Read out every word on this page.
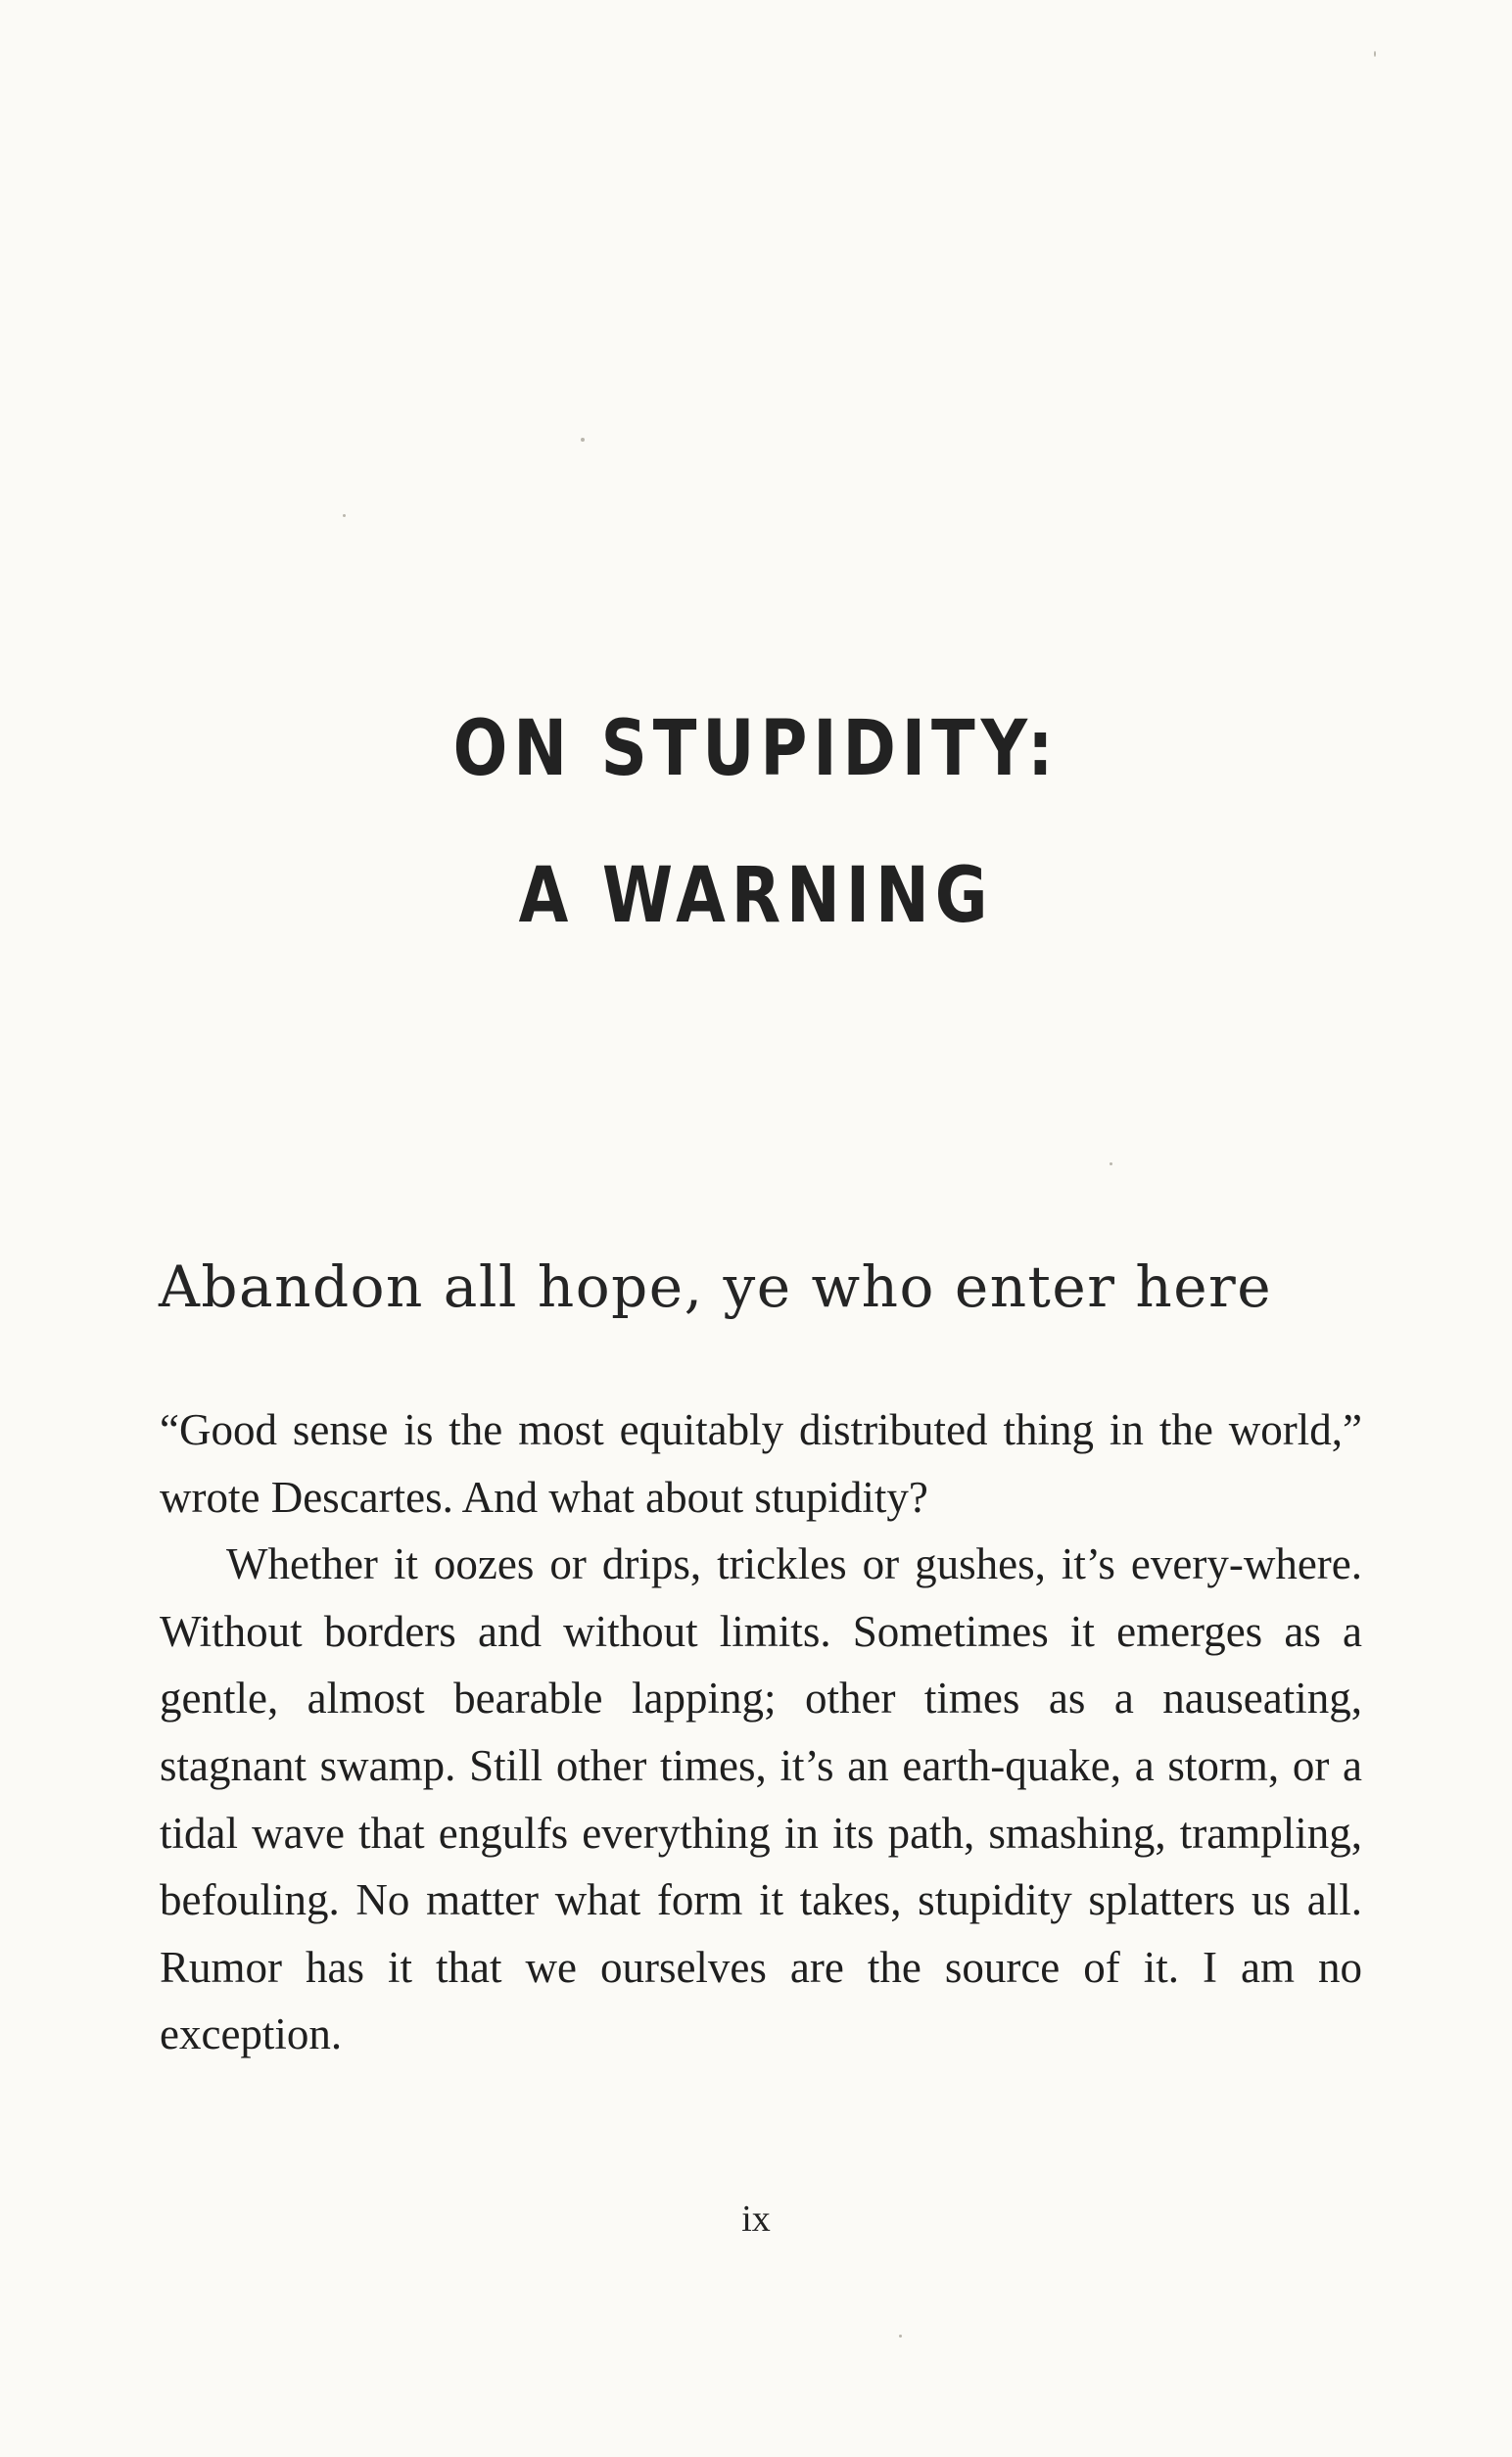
ON STUPIDITY:
A WARNING
Abandon all hope, ye who enter here

“Good sense is the most equitably distributed thing in the world,” wrote Descartes. And what about stupidity?

Whether it oozes or drips, trickles or gushes, it’s every-where. Without borders and without limits. Sometimes it emerges as a gentle, almost bearable lapping; other times as a nauseating, stagnant swamp. Still other times, it’s an earth-quake, a storm, or a tidal wave that engulfs everything in its path, smashing, trampling, befouling. No matter what form it takes, stupidity splatters us all. Rumor has it that we ourselves are the source of it. I am no exception.

ix
